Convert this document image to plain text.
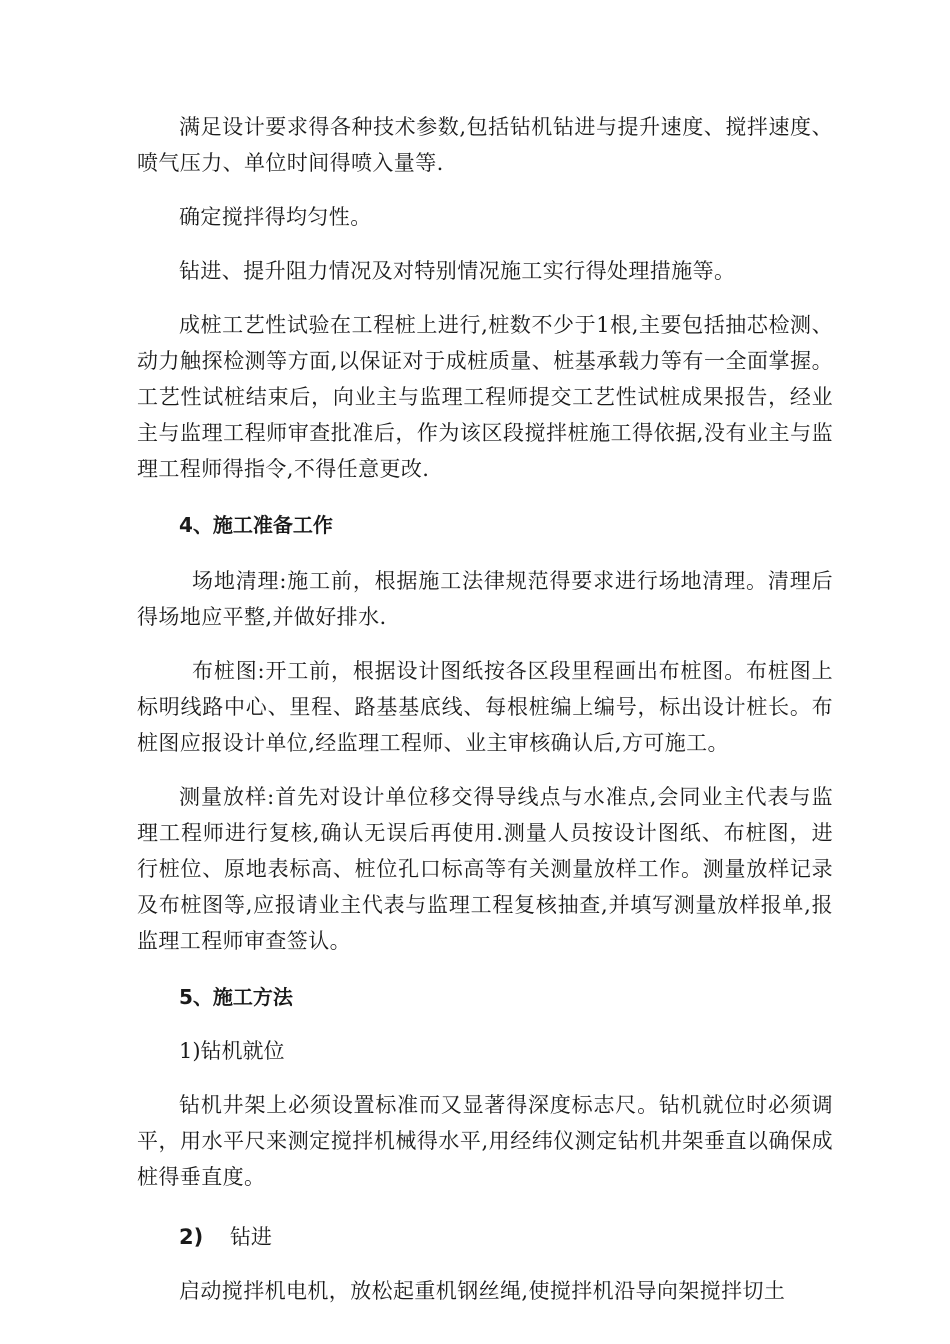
满足设计要求得各种技术参数,包括钻机钻进与提升速度、搅拌速度、喷气压力、单位时间得喷入量等.

确定搅拌得均匀性。

钻进、提升阻力情况及对特别情况施工实行得处理措施等。

成桩工艺性试验在工程桩上进行,桩数不少于1根,主要包括抽芯检测、动力触探检测等方面,以保证对于成桩质量、桩基承载力等有一全面掌握。工艺性试桩结束后，向业主与监理工程师提交工艺性试桩成果报告，经业主与监理工程师审查批准后，作为该区段搅拌桩施工得依据,没有业主与监理工程师得指令,不得任意更改.

4、施工准备工作

场地清理:施工前，根据施工法律规范得要求进行场地清理。清理后得场地应平整,并做好排水.

布桩图:开工前，根据设计图纸按各区段里程画出布桩图。布桩图上标明线路中心、里程、路基基底线、每根桩编上编号，标出设计桩长。布桩图应报设计单位,经监理工程师、业主审核确认后,方可施工。

测量放样:首先对设计单位移交得导线点与水准点,会同业主代表与监理工程师进行复核,确认无误后再使用.测量人员按设计图纸、布桩图，进行桩位、原地表标高、桩位孔口标高等有关测量放样工作。测量放样记录及布桩图等,应报请业主代表与监理工程复核抽查,并填写测量放样报单,报监理工程师审查签认。

5、施工方法

1)钻机就位

钻机井架上必须设置标准而又显著得深度标志尺。钻机就位时必须调平，用水平尺来测定搅拌机械得水平,用经纬仪测定钻机井架垂直以确保成桩得垂直度。

2) 钻进

启动搅拌机电机，放松起重机钢丝绳,使搅拌机沿导向架搅拌切土
